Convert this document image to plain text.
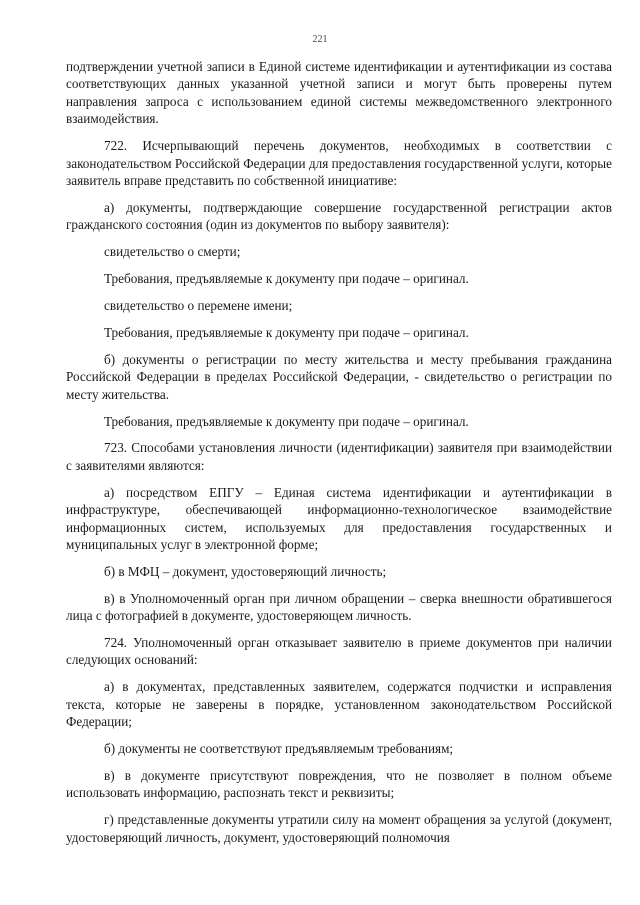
221

подтверждении учетной записи в Единой системе идентификации и аутентификации из состава соответствующих данных указанной учетной записи и могут быть проверены путем направления запроса с использованием единой системы межведомственного электронного взаимодействия.

722. Исчерпывающий перечень документов, необходимых в соответствии с законодательством Российской Федерации для предоставления государственной услуги, которые заявитель вправе представить по собственной инициативе:

а) документы, подтверждающие совершение государственной регистрации актов гражданского состояния (один из документов по выбору заявителя):

свидетельство о смерти;

Требования, предъявляемые к документу при подаче – оригинал.

свидетельство о перемене имени;

Требования, предъявляемые к документу при подаче – оригинал.

б) документы о регистрации по месту жительства и месту пребывания гражданина Российской Федерации в пределах Российской Федерации, - свидетельство о регистрации по месту жительства.

Требования, предъявляемые к документу при подаче – оригинал.

723. Способами установления личности (идентификации) заявителя при взаимодействии с заявителями являются:

а) посредством ЕПГУ – Единая система идентификации и аутентификации в инфраструктуре, обеспечивающей информационно-технологическое взаимодействие информационных систем, используемых для предоставления государственных и муниципальных услуг в электронной форме;

б) в МФЦ – документ, удостоверяющий личность;

в) в Уполномоченный орган при личном обращении – сверка внешности обратившегося лица с фотографией в документе, удостоверяющем личность.

724. Уполномоченный орган отказывает заявителю в приеме документов при наличии следующих оснований:

а) в документах, представленных заявителем, содержатся подчистки и исправления текста, которые не заверены в порядке, установленном законодательством Российской Федерации;

б) документы не соответствуют предъявляемым требованиям;

в) в документе присутствуют повреждения, что не позволяет в полном объеме использовать информацию, распознать текст и реквизиты;

г) представленные документы утратили силу на момент обращения за услугой (документ, удостоверяющий личность, документ, удостоверяющий полномочия
